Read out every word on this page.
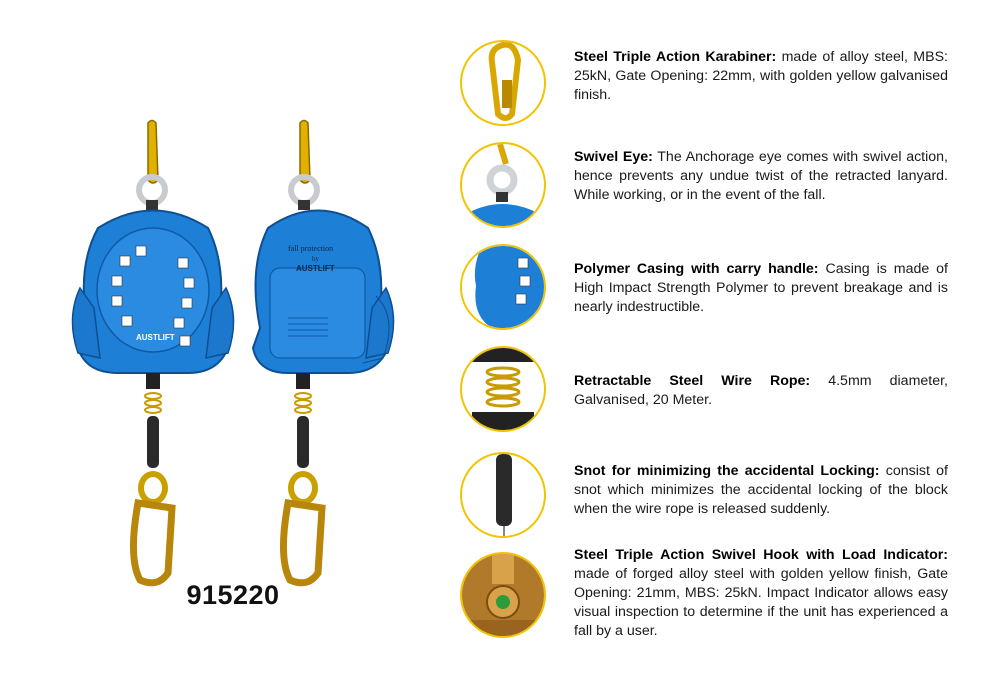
AUSTLIFT
fall protection
by
AUSTLIFT
915220
Steel Triple Action Karabiner: made of alloy steel, MBS: 25kN, Gate Opening: 22mm, with golden yellow galvanised finish.
Swivel Eye: The Anchorage eye comes with swivel action, hence prevents any undue twist of the retracted lanyard. While working, or in the event of the fall.
Polymer Casing with carry handle: Casing is made of High Impact Strength Polymer to prevent breakage and is nearly indestructible.
Retractable Steel Wire Rope: 4.5mm diameter, Galvanised, 20 Meter.
Snot for minimizing the accidental Locking: consist of snot which minimizes the accidental locking of the block when the wire rope is released suddenly.
Steel Triple Action Swivel Hook with Load Indicator: made of forged alloy steel with golden yellow finish, Gate Opening: 21mm, MBS: 25kN. Impact Indicator allows easy visual inspection to determine if the unit has experienced a fall by a user.
